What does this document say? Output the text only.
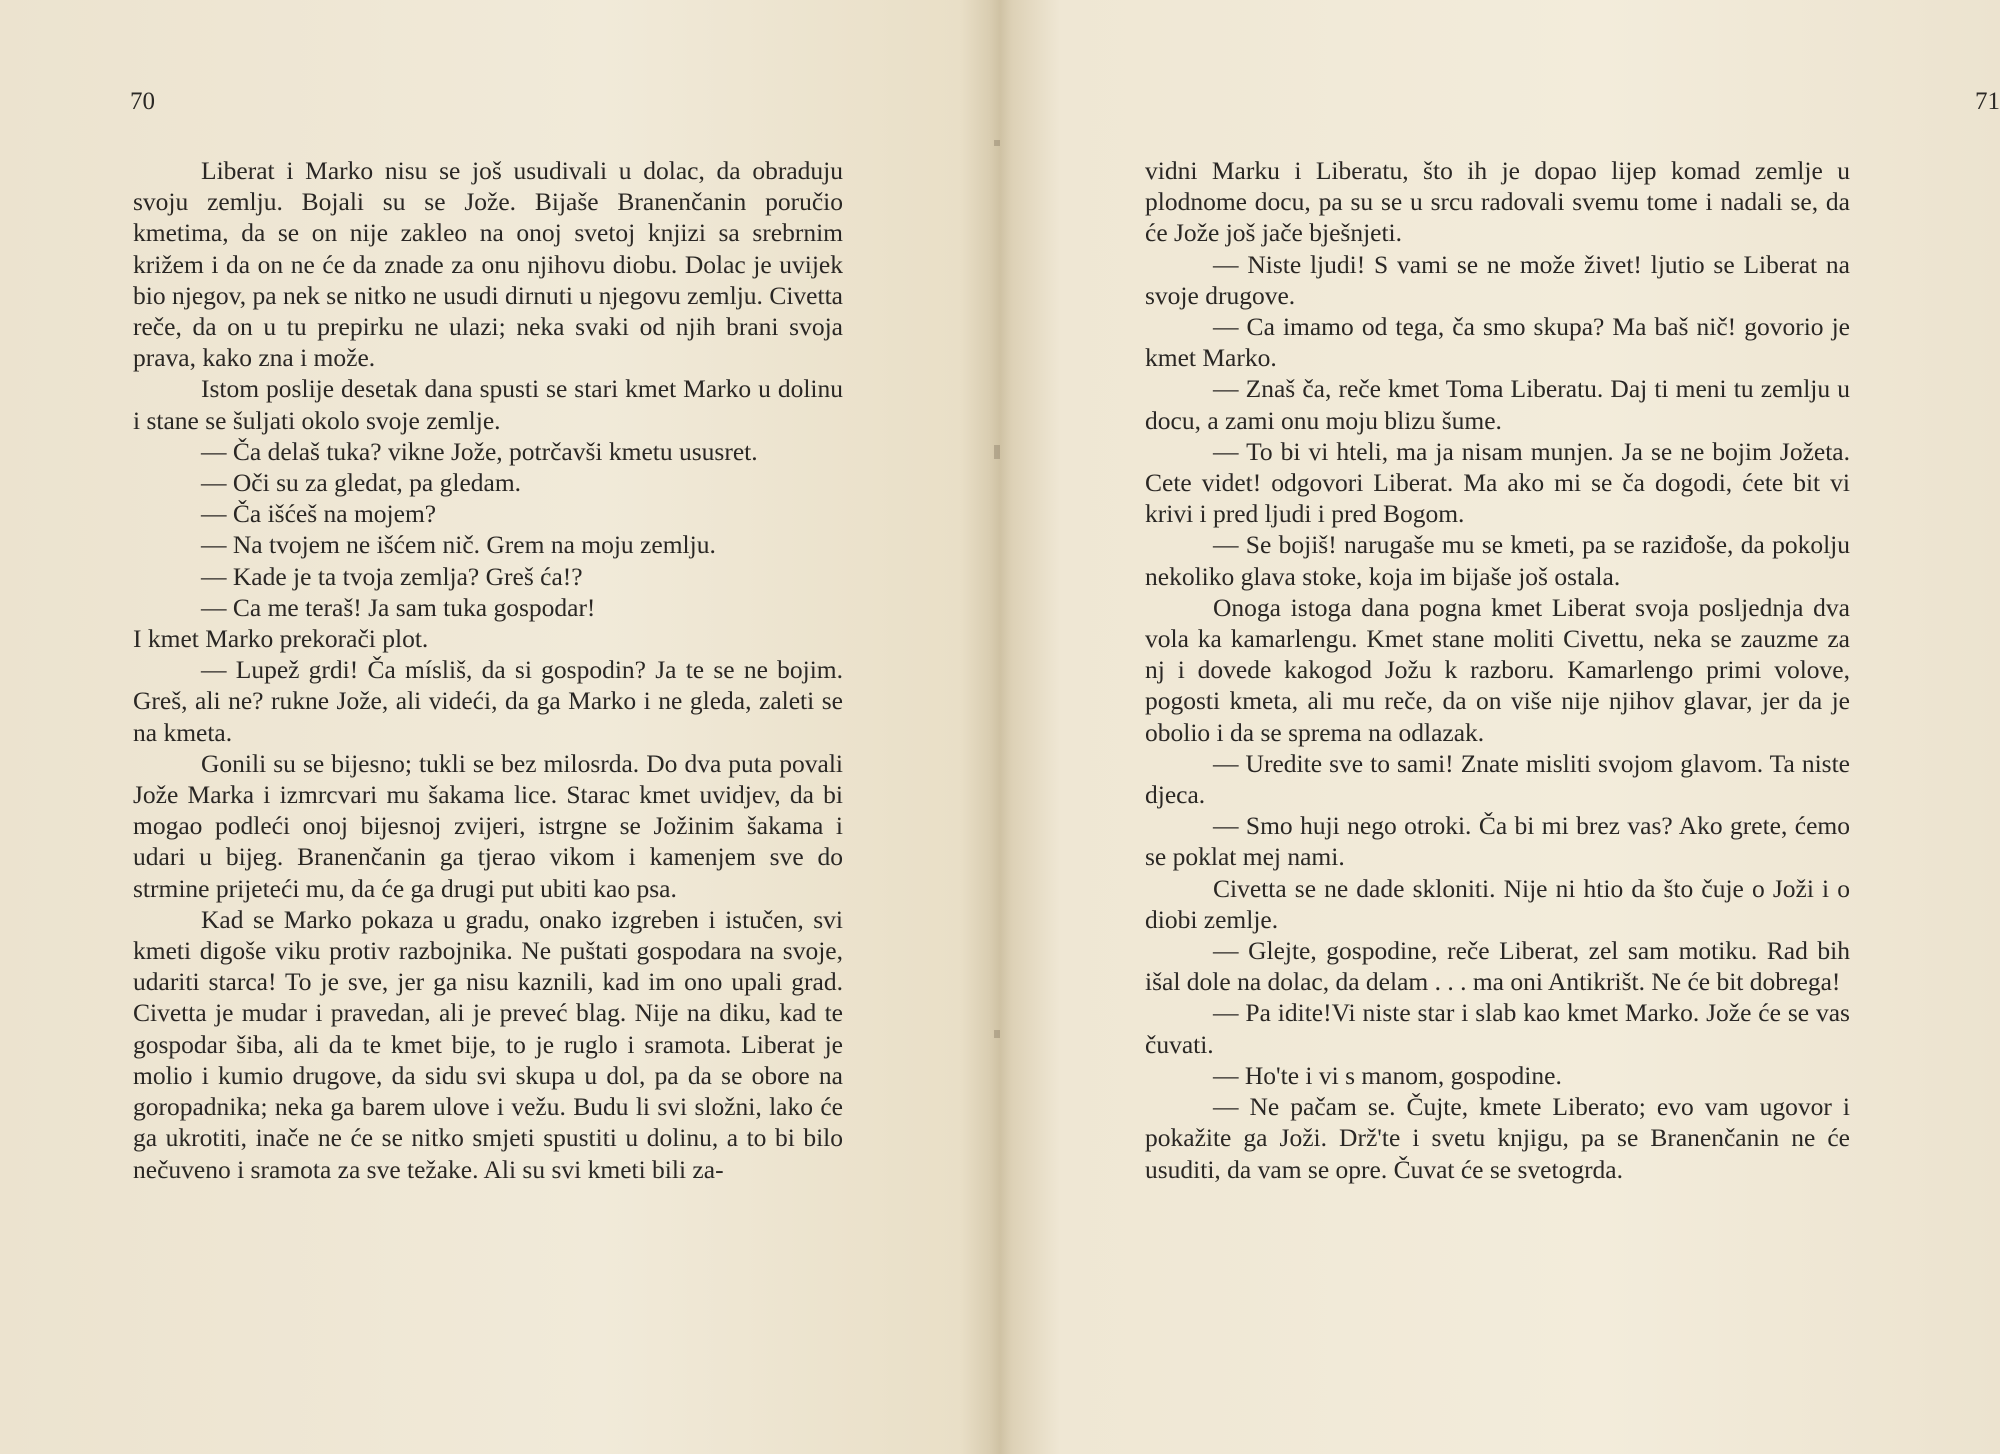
70

Liberat i Marko nisu se još usudivali u dolac, da obraduju svoju zemlju. Bojali su se Jože. Bijaše Branenčanin poručio kmetima, da se on nije zakleo na onoj svetoj knjizi sa srebrnim križem i da on ne će da znade za onu njihovu diobu. Dolac je uvijek bio njegov, pa nek se nitko ne usudi dirnuti u njegovu zemlju. Civetta reče, da on u tu prepirku ne ulazi; neka svaki od njih brani svoja prava, kako zna i može.

Istom poslije desetak dana spusti se stari kmet Marko u dolinu i stane se šuljati okolo svoje zemlje.

— Ča delaš tuka? vikne Jože, potrčavši kmetu ususret.

— Oči su za gledat, pa gledam.

— Ča išćeš na mojem?

— Na tvojem ne išćem nič. Grem na moju zemlju.

— Kade je ta tvoja zemlja? Greš ća!?

— Ca me teraš! Ja sam tuka gospodar!

I kmet Marko prekorači plot.

— Lupež grdi! Ča mísliš, da si gospodin? Ja te se ne bojim. Greš, ali ne? rukne Jože, ali videći, da ga Marko i ne gleda, zaleti se na kmeta.

Gonili su se bijesno; tukli se bez milosrda. Do dva puta povali Jože Marka i izmrcvari mu šakama lice. Starac kmet uvidjev, da bi mogao podleći onoj bijesnoj zvijeri, istrgne se Jožinim šakama i udari u bijeg. Branenčanin ga tjerao vikom i kamenjem sve do strmine prijeteći mu, da će ga drugi put ubiti kao psa.

Kad se Marko pokaza u gradu, onako izgreben i istučen, svi kmeti digoše viku protiv razbojnika. Ne puštati gospodara na svoje, udariti starca! To je sve, jer ga nisu kaznili, kad im ono upali grad. Civetta je mudar i pravedan, ali je preveć blag. Nije na diku, kad te gospodar šiba, ali da te kmet bije, to je ruglo i sramota. Liberat je molio i kumio drugove, da sidu svi skupa u dol, pa da se obore na goropadnika; neka ga barem ulove i vežu. Budu li svi složni, lako će ga ukrotiti, inače ne će se nitko smjeti spustiti u dolinu, a to bi bilo nečuveno i sramota za sve težake. Ali su svi kmeti bili za-

71

vidni Marku i Liberatu, što ih je dopao lijep komad zemlje u plodnome docu, pa su se u srcu radovali svemu tome i nadali se, da će Jože još jače bješnjeti.

— Niste ljudi! S vami se ne može živet! ljutio se Liberat na svoje drugove.

— Ca imamo od tega, ča smo skupa? Ma baš nič! govorio je kmet Marko.

— Znaš ča, reče kmet Toma Liberatu. Daj ti meni tu zemlju u docu, a zami onu moju blizu šume.

— To bi vi hteli, ma ja nisam munjen. Ja se ne bojim Jožeta. Cete videt! odgovori Liberat. Ma ako mi se ča dogodi, ćete bit vi krivi i pred ljudi i pred Bogom.

— Se bojiš! narugaše mu se kmeti, pa se raziđoše, da pokolju nekoliko glava stoke, koja im bijaše još ostala.

Onoga istoga dana pogna kmet Liberat svoja posljednja dva vola ka kamarlengu. Kmet stane moliti Civettu, neka se zauzme za nj i dovede kakogod Jožu k razboru. Kamarlengo primi volove, pogosti kmeta, ali mu reče, da on više nije njihov glavar, jer da je obolio i da se sprema na odlazak.

— Uredite sve to sami! Znate misliti svojom glavom. Ta niste djeca.

— Smo huji nego otroki. Ča bi mi brez vas? Ako grete, ćemo se poklat mej nami.

Civetta se ne dade skloniti. Nije ni htio da što čuje o Joži i o diobi zemlje.

— Glejte, gospodine, reče Liberat, zel sam motiku. Rad bih išal dole na dolac, da delam . . . ma oni Antikrišt. Ne će bit dobrega!

— Pa idite!Vi niste star i slab kao kmet Marko. Jože će se vas čuvati.

— Ho'te i vi s manom, gospodine.

— Ne pačam se. Čujte, kmete Liberato; evo vam ugovor i pokažite ga Joži. Drž'te i svetu knjigu, pa se Branenčanin ne će usuditi, da vam se opre. Čuvat će se svetogrda.
